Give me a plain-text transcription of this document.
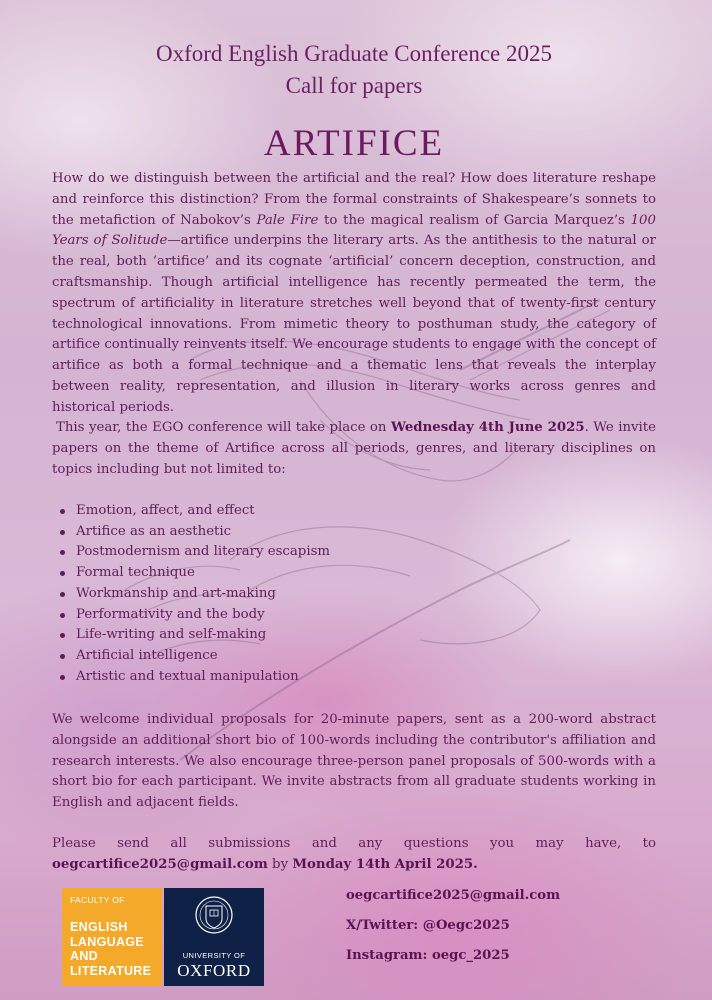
Oxford English Graduate Conference 2025
Call for papers
ARTIFICE

How do we distinguish between the artificial and the real? How does literature reshape and reinforce this distinction? From the formal constraints of Shakespeare’s sonnets to the metafiction of Nabokov’s Pale Fire to the magical realism of Garcia Marquez’s 100 Years of Solitude—artifice underpins the literary arts. As the antithesis to the natural or the real, both ‘artifice’ and its cognate ‘artificial’ concern deception, construction, and craftsmanship. Though artificial intelligence has recently permeated the term, the spectrum of artificiality in literature stretches well beyond that of twenty-first century technological innovations. From mimetic theory to posthuman study, the category of artifice continually reinvents itself. We encourage students to engage with the concept of artifice as both a formal technique and a thematic lens that reveals the interplay between reality, representation, and illusion in literary works across genres and historical periods.

This year, the EGO conference will take place on Wednesday 4th June 2025. We invite papers on the theme of Artifice across all periods, genres, and literary disciplines on topics including but not limited to:

Emotion, affect, and effect
Artifice as an aesthetic
Postmodernism and literary escapism
Formal technique
Workmanship and art-making
Performativity and the body
Life-writing and self-making
Artificial intelligence
Artistic and textual manipulation

We welcome individual proposals for 20-minute papers, sent as a 200-word abstract alongside an additional short bio of 100-words including the contributor's affiliation and research interests. We also encourage three-person panel proposals of 500-words with a short bio for each participant. We invite abstracts from all graduate students working in English and adjacent fields.

Please send all submissions and any questions you may have, to

oegcartifice2025@gmail.com by Monday 14th April 2025.

FACULTY OF
ENGLISH
LANGUAGE
AND
LITERATURE
UNIVERSITY OF
OXFORD
oegcartifice2025@gmail.com
X/Twitter: @Oegc2025
Instagram: oegc_2025
